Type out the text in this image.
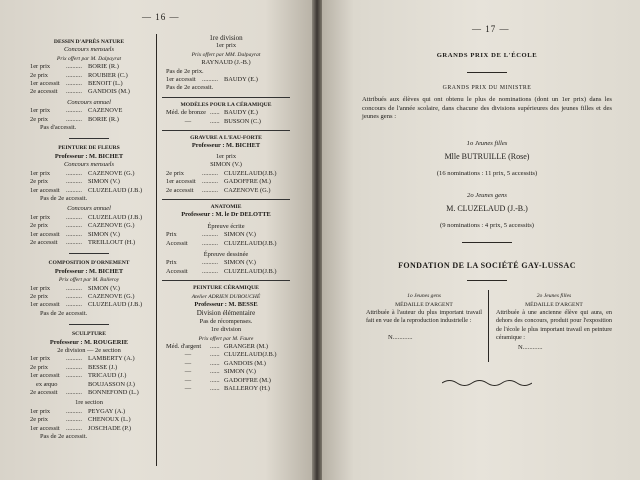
— 16 —
DESSIN D'APRÈS NATURE
Concours mensuels
Prix offert par M. Dalpayrat
1er prix .......... BORIE (R.)
2e prix	.......... ROUBIER (C.)
1er accessit .......... BENOIT (L.)
2e accessit .......... GANDOIS (M.)
Concours annuel
1er prix .......... CAZENOVE
2e prix	.......... BORIE (R.)
Pas d'accessit.
PEINTURE DE FLEURS
Professeur : M. BICHET
Concours mensuels
1er prix .......... CAZENOVE (G.)
2e prix	.......... SIMON (V.)
1er accessit .......... CLUZELAUD (J.B.)
Pas de 2e accessit.
Concours annuel
1er prix .......... CLUZELAUD (J.B.)
2e prix	.......... CAZENOVE (G.)
1er accessit .......... SIMON (V.)
2e accessit .......... TREILLOUT (H.)
COMPOSITION D'ORNEMENT
Professeur : M. BICHET
Prix offert par M. Balleroy
1er prix .......... SIMON (V.)
2e prix	.......... CAZENOVE (G.)
1er accessit .......... CLUZELAUD (J.B.)
Pas de 2e accessit.
SCULPTURE
Professeur : M. ROUGERIE
2e division — 2e section
1er prix .......... LAMBERTY (A.)
2e prix	.......... BESSE (J.)
1er accessit .......... TRICAUD (J.)
ex æquo	BOUJASSON (J.)
2e accessit .......... BONNEFOND (L.)
1re section
1er prix .......... PEYGAY (A.)
2e prix	.......... CHENOUX (L.)
1er accessit .......... JOSCHADE (P.)
Pas de 2e accessit.
1re division
1er prix
Prix offert par MM. Dalpayrat
RAYNAUD (J.-B.)
Pas de 2e prix.
1er accessit .......... BAUDY (E.)
Pas de 2e accessit.
MODÈLES POUR LA CÉRAMIQUE
Méd. de bronze ...... BAUDY (E.)
—	...... BUSSON (C.)
GRAVURE A L'EAU-FORTE
Professeur : M. BICHET
1er prix
SIMON (V.)
2e prix	.......... CLUZELAUD(J.B.)
1er accessit .......... GADOFFRE (M.)
2e accessit .......... CAZENOVE (G.)
ANATOMIE
Professeur : M. le Dr DELOTTE
Épreuve écrite
Prix	.......... SIMON (V.)
Accessit .......... CLUZELAUD(J.B.)
Épreuve dessinée
Prix	.......... SIMON (V.)
Accessit .......... CLUZELAUD(J.B.)
PEINTURE CÉRAMIQUE
Atelier ADRIEN DUBOUCHÉ
Professeur : M. BESSE
Division élémentaire
Pas de récompenses.
1re division
Prix offert par M. Faure
Méd. d'argent ...... GRANGER (M.)
—	...... CLUZELAUD(J.B.)
—	...... GANDOIS (M.)
—	...... SIMON (V.)
—	...... GADOFFRE (M.)
—	...... BALLEROY (H.)
— 17 —
GRANDS PRIX DE L'ÉCOLE
GRANDS PRIX DU MINISTRE
Attribués aux élèves qui ont obtenu le plus de nominations (dont un 1er prix) dans les concours de l'année scolaire, dans chacune des divisions supérieures des jeunes filles et des jeunes gens :
1o Jeunes filles
Mlle BUTRUILLE (Rose)
(16 nominations : 11 prix, 5 accessits)
2o Jeunes gens
M. CLUZELAUD (J.-B.)
(9 nominations : 4 prix, 5 accessits)
FONDATION DE LA SOCIÉTÉ GAY-LUSSAC
1o Jeunes gens
MÉDAILLE D'ARGENT
Attribuée à l'auteur du plus important travail fait en vue de la reproduction industrielle :
N............
2o Jeunes filles
MÉDAILLE D'ARGENT
Attribuée à une ancienne élève qui aura, en dehors des concours, produit pour l'exposition de l'école le plus important travail en peinture céramique :
N............
